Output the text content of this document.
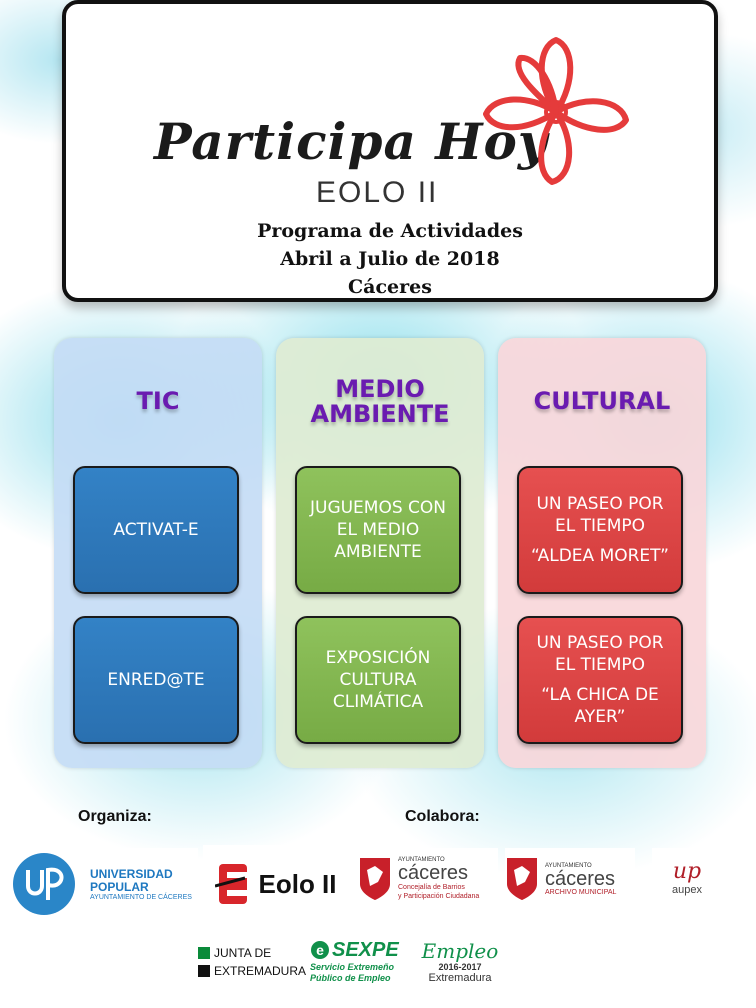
Participa Hoy
EOLO II
Programa de Actividades
Abril a Julio de 2018
Cáceres
TIC
ACTIVAT-E
ENRED@TE
MEDIO
AMBIENTE
JUGUEMOS CON EL MEDIO AMBIENTE
EXPOSICIÓN CULTURA CLIMÁTICA
CULTURAL
UN PASEO POR EL TIEMPO
“ALDEA MORET”
UN PASEO POR EL TIEMPO
“LA CHICA DE AYER”
Organiza:	Colabora:
UNIVERSIDAD
POPULAR
AYUNTAMIENTO DE CÁCERES	Eolo II
AYUNTAMIENTO
cáceres
Concejalía de Barrios
y Participación Ciudadana
AYUNTAMIENTO
cáceres
ARCHIVO MUNICIPAL
up
aupex
JUNTA DE
EXTREMADURA
e SEXPE
Servicio Extremeño
Público de Empleo
Empleo
2016-2017
Extremadura
